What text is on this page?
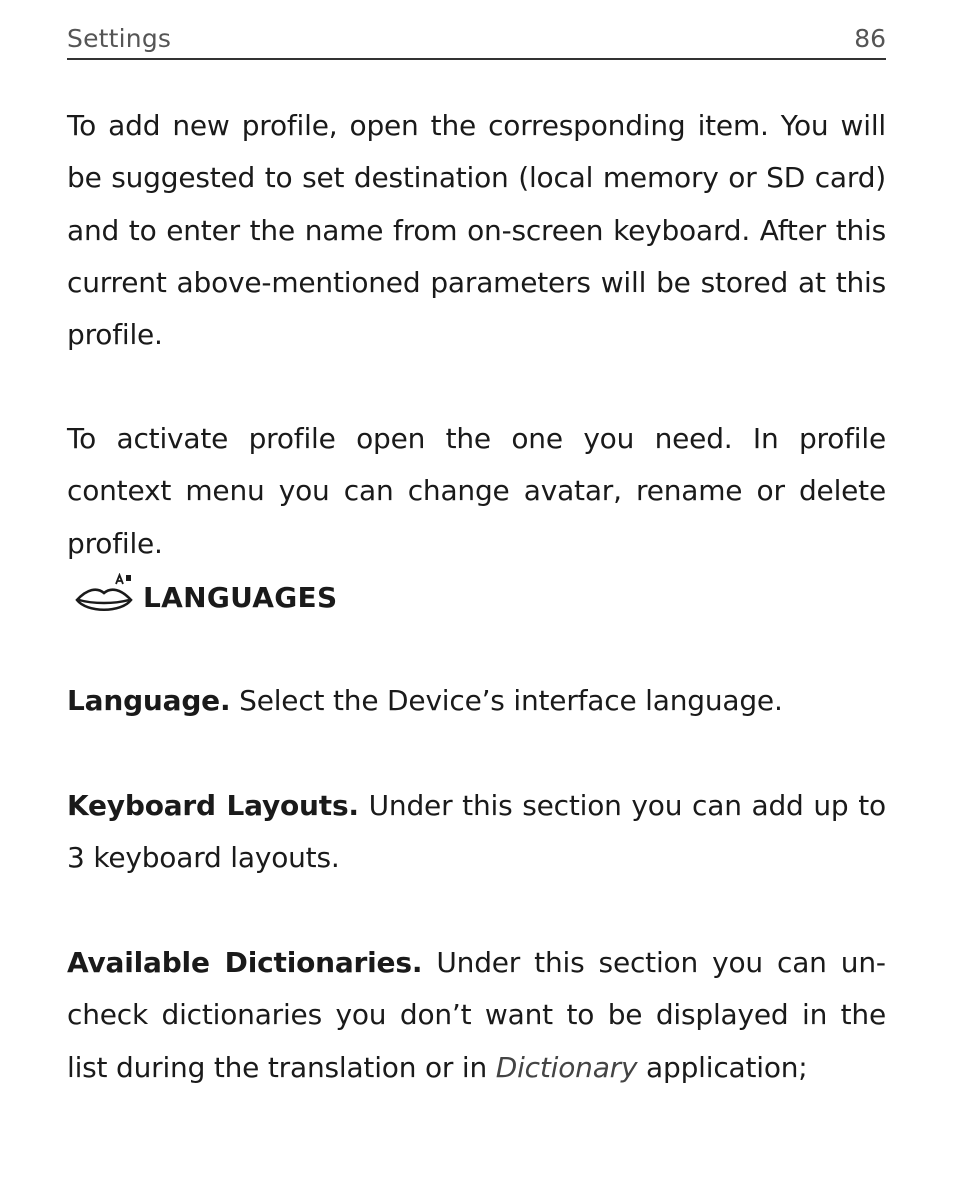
Settings	86

To add new profile, open the corresponding item. You will be suggested to set destination (local memory or SD card) and to enter the name from on-screen keyboard. After this current above-mentioned parameters will be stored at this profile.

To activate profile open the one you need. In profile context menu you can change avatar, rename or delete profile.

LANGUAGES

Language. Select the Device’s interface language.

Keyboard Layouts. Under this section you can add up to 3 keyboard layouts.

Available Dictionaries. Under this section you can uncheck dictionaries you don’t want to be displayed in the list during the translation or in Dictionary application;
